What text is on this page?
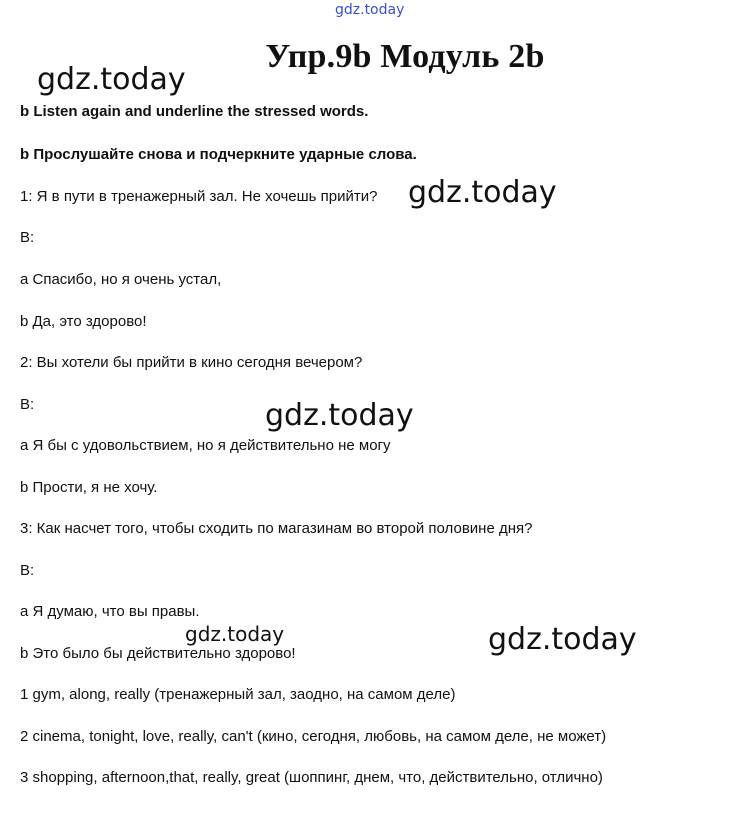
gdz.today
Упр.9b Модуль 2b
gdz.today
b Listen again and underline the stressed words.
b Прослушайте снова и подчеркните ударные слова.
1: Я в пути в тренажерный зал. Не хочешь прийти? gdz.today
В:
a Спасибо, но я очень устал,
b Да, это здорово!
2: Вы хотели бы прийти в кино сегодня вечером?
В:	gdz.today
a Я бы с удовольствием, но я действительно не могу
b Прости, я не хочу.
3: Как насчет того, чтобы сходить по магазинам во второй половине дня?
В:
a Я думаю, что вы правы.
gdz.today	gdz.today
b Это было бы действительно здорово!
1 gym, along, really (тренажерный зал, заодно, на самом деле)
2 cinema, tonight, love, really, can't (кино, сегодня, любовь, на самом деле, не может)
3 shopping, afternoon,that, really, great (шоппинг, днем, что, действительно, отлично)
